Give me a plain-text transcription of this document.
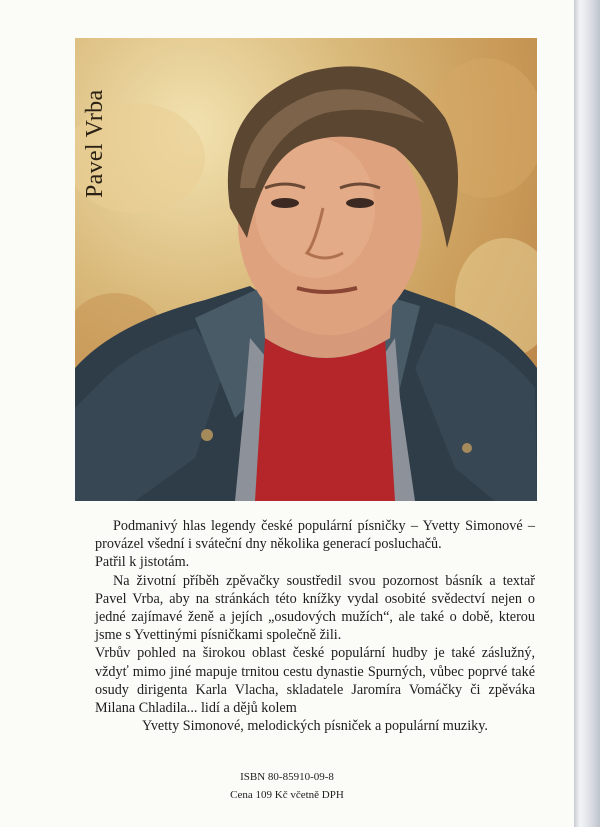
Pavel Vrba

Podmanivý hlas legendy české populární písničky – Yvetty Simonové – provázel všední i sváteční dny několika generací posluchačů.

Patřil k jistotám.

Na životní příběh zpěvačky soustředil svou pozornost básník a textař Pavel Vrba, aby na stránkách této knížky vydal osobité svědectví nejen o jedné zajímavé ženě a jejích „osudových mužích“, ale také o době, kterou jsme s Yvettinými písničkami společně žili.

Vrbův pohled na širokou oblast české populární hudby je také záslužný, vždyť mimo jiné mapuje trnitou cestu dynastie Spurných, vůbec poprvé také osudy dirigenta Karla Vlacha, skladatele Jaromíra Vomáčky či zpěváka Milana Chladila... lidí a dějů kolem

Yvetty Simonové, melodických písniček a populární muziky.

ISBN 80-85910-09-8
Cena 109 Kč včetně DPH
